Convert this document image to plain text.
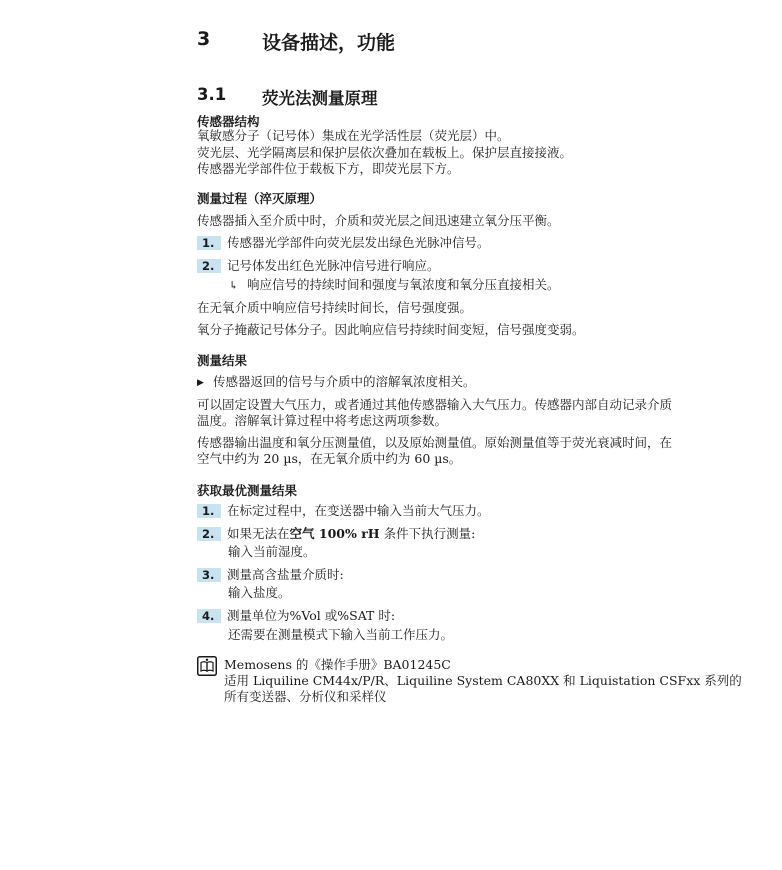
3	设备描述，功能
3.1 荧光法测量原理
传感器结构
氧敏感分子（记号体）集成在光学活性层（荧光层）中。
荧光层、光学隔离层和保护层依次叠加在载板上。保护层直接接液。
传感器光学部件位于载板下方，即荧光层下方。
测量过程（淬灭原理）
传感器插入至介质中时，介质和荧光层之间迅速建立氧分压平衡。
1.	传感器光学部件向荧光层发出绿色光脉冲信号。
2.	记号体发出红色光脉冲信号进行响应。
↳ 响应信号的持续时间和强度与氧浓度和氧分压直接相关。
在无氧介质中响应信号持续时间长，信号强度强。
氧分子掩蔽记号体分子。因此响应信号持续时间变短，信号强度变弱。
测量结果
▶ 传感器返回的信号与介质中的溶解氧浓度相关。
可以固定设置大气压力，或者通过其他传感器输入大气压力。传感器内部自动记录介质
温度。溶解氧计算过程中将考虑这两项参数。
传感器输出温度和氧分压测量值，以及原始测量值。原始测量值等于荧光衰减时间，在
空气中约为 20 µs，在无氧介质中约为 60 µs。
获取最优测量结果
1.	在标定过程中，在变送器中输入当前大气压力。
2.	如果无法在空气 100% rH 条件下执行测量:
输入当前湿度。
3.	测量高含盐量介质时:
输入盐度。
4.	测量单位为%Vol 或%SAT 时:
还需要在测量模式下输入当前工作压力。
Memosens 的《操作手册》BA01245C
适用 Liquiline CM44x/P/R、Liquiline System CA80XX 和 Liquistation CSFxx 系列的
所有变送器、分析仪和采样仪
